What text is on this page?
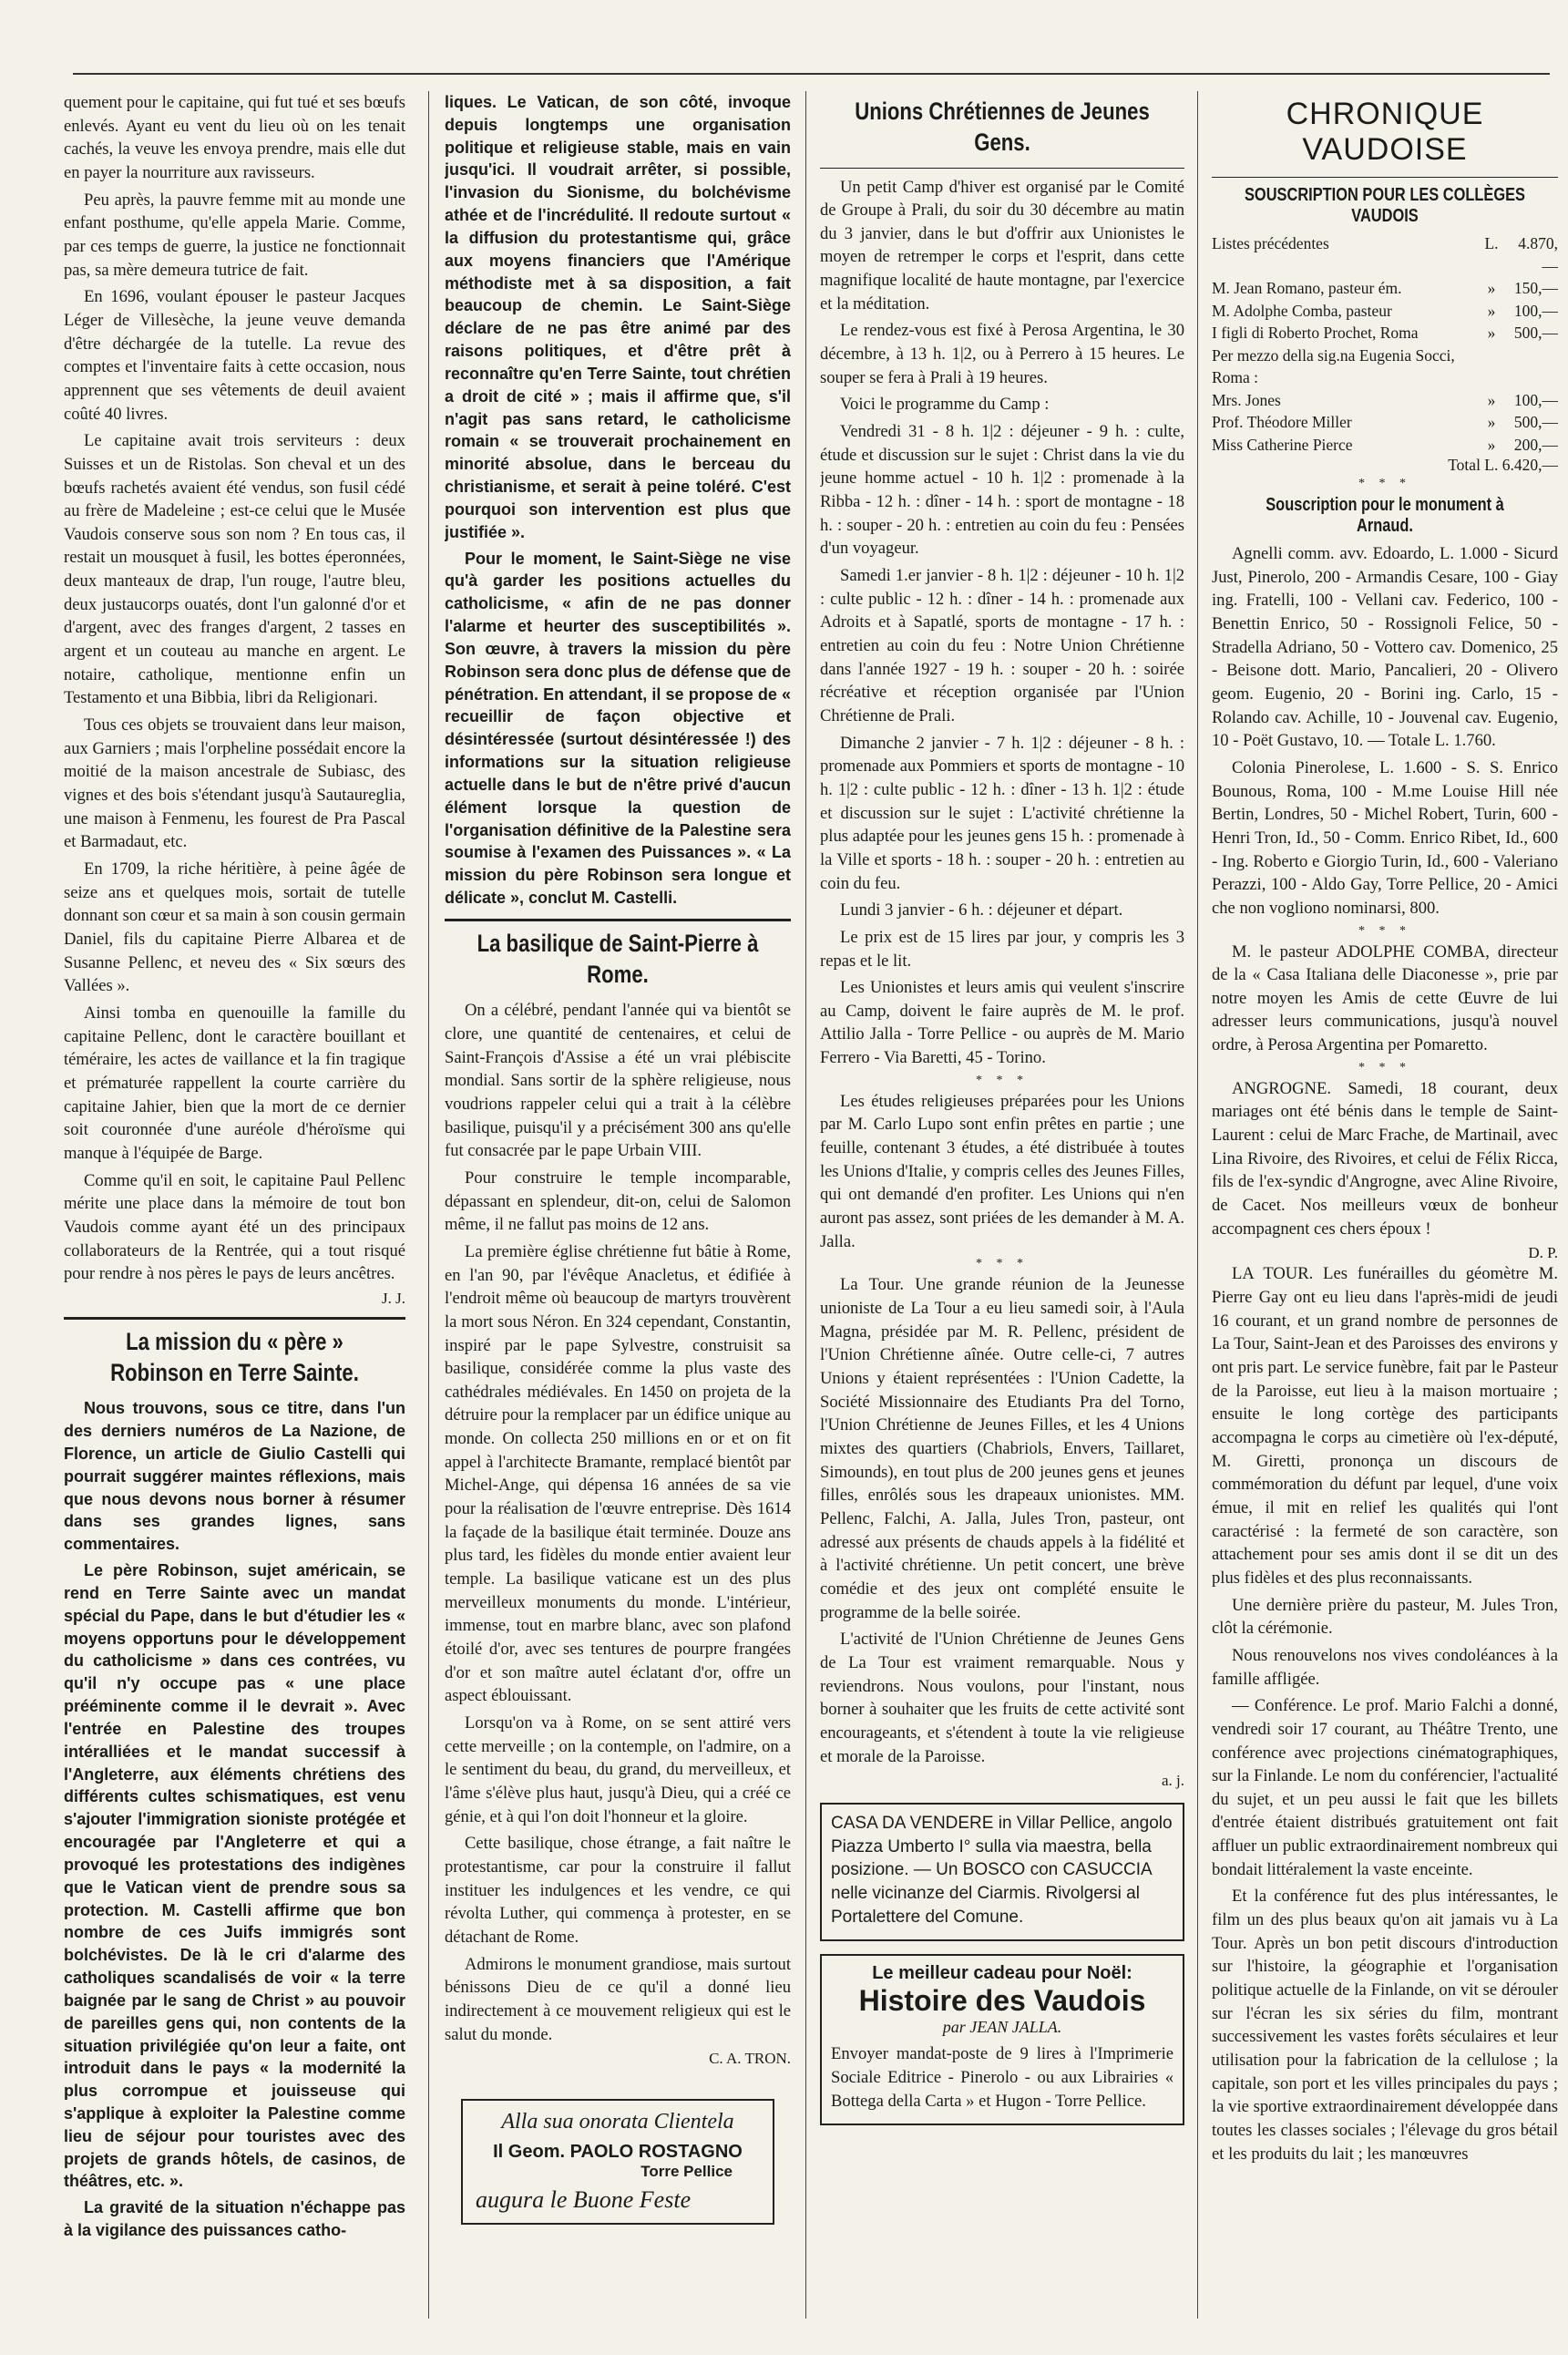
quement pour le capitaine, qui fut tué et ses bœufs enlevés. Ayant eu vent du lieu où on les tenait cachés, la veuve les envoya prendre, mais elle dut en payer la nourriture aux ravisseurs.

Peu après, la pauvre femme mit au monde une enfant posthume, qu'elle appela Marie. Comme, par ces temps de guerre, la justice ne fonctionnait pas, sa mère demeura tutrice de fait.

En 1696, voulant épouser le pasteur Jacques Léger de Villesèche, la jeune veuve demanda d'être déchargée de la tutelle. La revue des comptes et l'inventaire faits à cette occasion, nous apprennent que ses vêtements de deuil avaient coûté 40 livres.

Le capitaine avait trois serviteurs : deux Suisses et un de Ristolas. Son cheval et un des bœufs rachetés avaient été vendus, son fusil cédé au frère de Madeleine ; est-ce celui que le Musée Vaudois conserve sous son nom ? En tous cas, il restait un mousquet à fusil, les bottes éperonnées, deux manteaux de drap, l'un rouge, l'autre bleu, deux justaucorps ouatés, dont l'un galonné d'or et d'argent, avec des franges d'argent, 2 tasses en argent et un couteau au manche en argent. Le notaire, catholique, mentionne enfin un Testamento et una Bibbia, libri da Religionari.

Tous ces objets se trouvaient dans leur maison, aux Garniers ; mais l'orpheline possédait encore la moitié de la maison ancestrale de Subiasc, des vignes et des bois s'étendant jusqu'à Sautaureglia, une maison à Fenmenu, les fourest de Pra Pascal et Barmadaut, etc.

En 1709, la riche héritière, à peine âgée de seize ans et quelques mois, sortait de tutelle donnant son cœur et sa main à son cousin germain Daniel, fils du capitaine Pierre Albarea et de Susanne Pellenc, et neveu des « Six sœurs des Vallées ».

Ainsi tomba en quenouille la famille du capitaine Pellenc, dont le caractère bouillant et téméraire, les actes de vaillance et la fin tragique et prématurée rappellent la courte carrière du capitaine Jahier, bien que la mort de ce dernier soit couronnée d'une auréole d'héroïsme qui manque à l'équipée de Barge.

Comme qu'il en soit, le capitaine Paul Pellenc mérite une place dans la mémoire de tout bon Vaudois comme ayant été un des principaux collaborateurs de la Rentrée, qui a tout risqué pour rendre à nos pères le pays de leurs ancêtres.

J. J.
La mission du « père » Robinson en Terre Sainte.

Nous trouvons, sous ce titre, dans l'un des derniers numéros de La Nazione, de Florence, un article de Giulio Castelli qui pourrait suggérer maintes réflexions, mais que nous devons nous borner à résumer dans ses grandes lignes, sans commentaires.

Le père Robinson, sujet américain, se rend en Terre Sainte avec un mandat spécial du Pape, dans le but d'étudier les « moyens opportuns pour le développement du catholicisme » dans ces contrées, vu qu'il n'y occupe pas « une place prééminente comme il le devrait ». Avec l'entrée en Palestine des troupes intéralliées et le mandat successif à l'Angleterre, aux éléments chrétiens des différents cultes schismatiques, est venu s'ajouter l'immigration sioniste protégée et encouragée par l'Angleterre et qui a provoqué les protestations des indigènes que le Vatican vient de prendre sous sa protection. M. Castelli affirme que bon nombre de ces Juifs immigrés sont bolchévistes. De là le cri d'alarme des catholiques scandalisés de voir « la terre baignée par le sang de Christ » au pouvoir de pareilles gens qui, non contents de la situation privilégiée qu'on leur a faite, ont introduit dans le pays « la modernité la plus corrompue et jouisseuse qui s'applique à exploiter la Palestine comme lieu de séjour pour touristes avec des projets de grands hôtels, de casinos, de théâtres, etc. ».

La gravité de la situation n'échappe pas à la vigilance des puissances catho-

liques. Le Vatican, de son côté, invoque depuis longtemps une organisation politique et religieuse stable, mais en vain jusqu'ici. Il voudrait arrêter, si possible, l'invasion du Sionisme, du bolchévisme athée et de l'incrédulité. Il redoute surtout « la diffusion du protestantisme qui, grâce aux moyens financiers que l'Amérique méthodiste met à sa disposition, a fait beaucoup de chemin. Le Saint-Siège déclare de ne pas être animé par des raisons politiques, et d'être prêt à reconnaître qu'en Terre Sainte, tout chrétien a droit de cité » ; mais il affirme que, s'il n'agit pas sans retard, le catholicisme romain « se trouverait prochainement en minorité absolue, dans le berceau du christianisme, et serait à peine toléré. C'est pourquoi son intervention est plus que justifiée ».

Pour le moment, le Saint-Siège ne vise qu'à garder les positions actuelles du catholicisme, « afin de ne pas donner l'alarme et heurter des susceptibilités ». Son œuvre, à travers la mission du père Robinson sera donc plus de défense que de pénétration. En attendant, il se propose de « recueillir de façon objective et désintéressée (surtout désintéressée !) des informations sur la situation religieuse actuelle dans le but de n'être privé d'aucun élément lorsque la question de l'organisation définitive de la Palestine sera soumise à l'examen des Puissances ». « La mission du père Robinson sera longue et délicate », conclut M. Castelli.

La basilique de Saint-Pierre à Rome.

On a célébré, pendant l'année qui va bientôt se clore, une quantité de centenaires, et celui de Saint-François d'Assise a été un vrai plébiscite mondial. Sans sortir de la sphère religieuse, nous voudrions rappeler celui qui a trait à la célèbre basilique, puisqu'il y a précisément 300 ans qu'elle fut consacrée par le pape Urbain VIII.

Pour construire le temple incomparable, dépassant en splendeur, dit-on, celui de Salomon même, il ne fallut pas moins de 12 ans.

La première église chrétienne fut bâtie à Rome, en l'an 90, par l'évêque Anacletus, et édifiée à l'endroit même où beaucoup de martyrs trouvèrent la mort sous Néron. En 324 cependant, Constantin, inspiré par le pape Sylvestre, construisit sa basilique, considérée comme la plus vaste des cathédrales médiévales. En 1450 on projeta de la détruire pour la remplacer par un édifice unique au monde. On collecta 250 millions en or et on fit appel à l'architecte Bramante, remplacé bientôt par Michel-Ange, qui dépensa 16 années de sa vie pour la réalisation de l'œuvre entreprise. Dès 1614 la façade de la basilique était terminée. Douze ans plus tard, les fidèles du monde entier avaient leur temple. La basilique vaticane est un des plus merveilleux monuments du monde. L'intérieur, immense, tout en marbre blanc, avec son plafond étoilé d'or, avec ses tentures de pourpre frangées d'or et son maître autel éclatant d'or, offre un aspect éblouissant.

Lorsqu'on va à Rome, on se sent attiré vers cette merveille ; on la contemple, on l'admire, on a le sentiment du beau, du grand, du merveilleux, et l'âme s'élève plus haut, jusqu'à Dieu, qui a créé ce génie, et à qui l'on doit l'honneur et la gloire.

Cette basilique, chose étrange, a fait naître le protestantisme, car pour la construire il fallut instituer les indulgences et les vendre, ce qui révolta Luther, qui commença à protester, en se détachant de Rome.

Admirons le monument grandiose, mais surtout bénissons Dieu de ce qu'il a donné lieu indirectement à ce mouvement religieux qui est le salut du monde.

C. A. TRON.
Alla sua onorata Clientela
Il Geom. PAOLO ROSTAGNO
Torre Pellice
augura le Buone Feste
Unions Chrétiennes de Jeunes Gens.

Un petit Camp d'hiver est organisé par le Comité de Groupe à Prali, du soir du 30 décembre au matin du 3 janvier, dans le but d'offrir aux Unionistes le moyen de retremper le corps et l'esprit, dans cette magnifique localité de haute montagne, par l'exercice et la méditation.

Le rendez-vous est fixé à Perosa Argentina, le 30 décembre, à 13 h. 1|2, ou à Perrero à 15 heures. Le souper se fera à Prali à 19 heures.

Voici le programme du Camp :

Vendredi 31 - 8 h. 1|2 : déjeuner - 9 h. : culte, étude et discussion sur le sujet : Christ dans la vie du jeune homme actuel - 10 h. 1|2 : promenade à la Ribba - 12 h. : dîner - 14 h. : sport de montagne - 18 h. : souper - 20 h. : entretien au coin du feu : Pensées d'un voyageur.

Samedi 1.er janvier - 8 h. 1|2 : déjeuner - 10 h. 1|2 : culte public - 12 h. : dîner - 14 h. : promenade aux Adroits et à Sapatlé, sports de montagne - 17 h. : entretien au coin du feu : Notre Union Chrétienne dans l'année 1927 - 19 h. : souper - 20 h. : soirée récréative et réception organisée par l'Union Chrétienne de Prali.

Dimanche 2 janvier - 7 h. 1|2 : déjeuner - 8 h. : promenade aux Pommiers et sports de montagne - 10 h. 1|2 : culte public - 12 h. : dîner - 13 h. 1|2 : étude et discussion sur le sujet : L'activité chrétienne la plus adaptée pour les jeunes gens 15 h. : promenade à la Ville et sports - 18 h. : souper - 20 h. : entretien au coin du feu.

Lundi 3 janvier - 6 h. : déjeuner et départ.

Le prix est de 15 lires par jour, y compris les 3 repas et le lit.

Les Unionistes et leurs amis qui veulent s'inscrire au Camp, doivent le faire auprès de M. le prof. Attilio Jalla - Torre Pellice - ou auprès de M. Mario Ferrero - Via Baretti, 45 - Torino.

* * *

Les études religieuses préparées pour les Unions par M. Carlo Lupo sont enfin prêtes en partie ; une feuille, contenant 3 études, a été distribuée à toutes les Unions d'Italie, y compris celles des Jeunes Filles, qui ont demandé d'en profiter. Les Unions qui n'en auront pas assez, sont priées de les demander à M. A. Jalla.

* * *

La Tour. Une grande réunion de la Jeunesse unioniste de La Tour a eu lieu samedi soir, à l'Aula Magna, présidée par M. R. Pellenc, président de l'Union Chrétienne aînée. Outre celle-ci, 7 autres Unions y étaient représentées : l'Union Cadette, la Société Missionnaire des Etudiants Pra del Torno, l'Union Chrétienne de Jeunes Filles, et les 4 Unions mixtes des quartiers (Chabriols, Envers, Taillaret, Simounds), en tout plus de 200 jeunes gens et jeunes filles, enrôlés sous les drapeaux unionistes. MM. Pellenc, Falchi, A. Jalla, Jules Tron, pasteur, ont adressé aux présents de chauds appels à la fidélité et à l'activité chrétienne. Un petit concert, une brève comédie et des jeux ont complété ensuite le programme de la belle soirée.

L'activité de l'Union Chrétienne de Jeunes Gens de La Tour est vraiment remarquable. Nous y reviendrons. Nous voulons, pour l'instant, nous borner à souhaiter que les fruits de cette activité sont encourageants, et s'étendent à toute la vie religieuse et morale de la Paroisse.

a. j.

CASA DA VENDERE in Villar Pellice, angolo Piazza Umberto I° sulla via maestra, bella posizione. — Un BOSCO con CASUCCIA nelle vicinanze del Ciarmis. Rivolgersi al Portalettere del Comune.

Le meilleur cadeau pour Noël:
Histoire des Vaudois
par JEAN JALLA.

Envoyer mandat-poste de 9 lires à l'Imprimerie Sociale Editrice - Pinerolo - ou aux Librairies « Bottega della Carta » et Hugon - Torre Pellice.

CHRONIQUE VAUDOISE
SOUSCRIPTION POUR LES COLLÈGES VAUDOIS
Listes précédentes	L.	4.870,—
M. Jean Romano, pasteur ém.	»	150,—
M. Adolphe Comba, pasteur	»	100,—
I figli di Roberto Prochet, Roma	»	500,—
Per mezzo della sig.na Eugenia Socci, Roma :		
Mrs. Jones	»	100,—
Prof. Théodore Miller	»	500,—
Miss Catherine Pierce	»	200,—
Total L. 6.420,—
* * *
Souscription pour le monument à Arnaud.

Agnelli comm. avv. Edoardo, L. 1.000 - Sicurd Just, Pinerolo, 200 - Armandis Cesare, 100 - Giay ing. Fratelli, 100 - Vellani cav. Federico, 100 - Benettin Enrico, 50 - Rossignoli Felice, 50 - Stradella Adriano, 50 - Vottero cav. Domenico, 25 - Beisone dott. Mario, Pancalieri, 20 - Olivero geom. Eugenio, 20 - Borini ing. Carlo, 15 - Rolando cav. Achille, 10 - Jouvenal cav. Eugenio, 10 - Poët Gustavo, 10. — Totale L. 1.760.

Colonia Pinerolese, L. 1.600 - S. S. Enrico Bounous, Roma, 100 - M.me Louise Hill née Bertin, Londres, 50 - Michel Robert, Turin, 600 - Henri Tron, Id., 50 - Comm. Enrico Ribet, Id., 600 - Ing. Roberto e Giorgio Turin, Id., 600 - Valeriano Perazzi, 100 - Aldo Gay, Torre Pellice, 20 - Amici che non vogliono nominarsi, 800.

* * *

M. le pasteur ADOLPHE COMBA, directeur de la « Casa Italiana delle Diaconesse », prie par notre moyen les Amis de cette Œuvre de lui adresser leurs communications, jusqu'à nouvel ordre, à Perosa Argentina per Pomaretto.

* * *

ANGROGNE. Samedi, 18 courant, deux mariages ont été bénis dans le temple de Saint-Laurent : celui de Marc Frache, de Martinail, avec Lina Rivoire, des Rivoires, et celui de Félix Ricca, fils de l'ex-syndic d'Angrogne, avec Aline Rivoire, de Cacet. Nos meilleurs vœux de bonheur accompagnent ces chers époux !

D. P.

LA TOUR. Les funérailles du géomètre M. Pierre Gay ont eu lieu dans l'après-midi de jeudi 16 courant, et un grand nombre de personnes de La Tour, Saint-Jean et des Paroisses des environs y ont pris part. Le service funèbre, fait par le Pasteur de la Paroisse, eut lieu à la maison mortuaire ; ensuite le long cortège des participants accompagna le corps au cimetière où l'ex-député, M. Giretti, prononça un discours de commémoration du défunt par lequel, d'une voix émue, il mit en relief les qualités qui l'ont caractérisé : la fermeté de son caractère, son attachement pour ses amis dont il se dit un des plus fidèles et des plus reconnaissants.

Une dernière prière du pasteur, M. Jules Tron, clôt la cérémonie.

Nous renouvelons nos vives condoléances à la famille affligée.

— Conférence. Le prof. Mario Falchi a donné, vendredi soir 17 courant, au Théâtre Trento, une conférence avec projections cinématographiques, sur la Finlande. Le nom du conférencier, l'actualité du sujet, et un peu aussi le fait que les billets d'entrée étaient distribués gratuitement ont fait affluer un public extraordinairement nombreux qui bondait littéralement la vaste enceinte.

Et la conférence fut des plus intéressantes, le film un des plus beaux qu'on ait jamais vu à La Tour. Après un bon petit discours d'introduction sur l'histoire, la géographie et l'organisation politique actuelle de la Finlande, on vit se dérouler sur l'écran les six séries du film, montrant successivement les vastes forêts séculaires et leur utilisation pour la fabrication de la cellulose ; la capitale, son port et les villes principales du pays ; la vie sportive extraordinairement développée dans toutes les classes sociales ; l'élevage du gros bétail et les produits du lait ; les manœuvres
